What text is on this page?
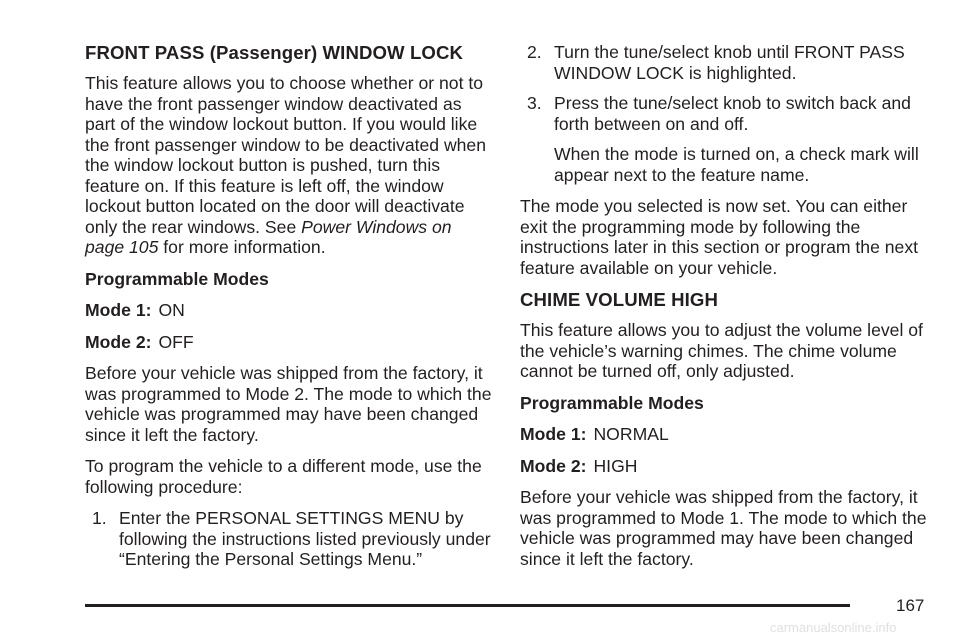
FRONT PASS (Passenger) WINDOW LOCK

This feature allows you to choose whether or not to have the front passenger window deactivated as part of the window lockout button. If you would like the front passenger window to be deactivated when the window lockout button is pushed, turn this feature on. If this feature is left off, the window lockout button located on the door will deactivate only the rear windows. See Power Windows on page 105 for more information.

Programmable Modes

Mode 1: ON
Mode 2: OFF

Before your vehicle was shipped from the factory, it was programmed to Mode 2. The mode to which the vehicle was programmed may have been changed since it left the factory.

To program the vehicle to a different mode, use the following procedure:

1. Enter the PERSONAL SETTINGS MENU by following the instructions listed previously under “Entering the Personal Settings Menu.”
2. Turn the tune/select knob until FRONT PASS WINDOW LOCK is highlighted.
3. Press the tune/select knob to switch back and forth between on and off.

When the mode is turned on, a check mark will appear next to the feature name.

The mode you selected is now set. You can either exit the programming mode by following the instructions later in this section or program the next feature available on your vehicle.

CHIME VOLUME HIGH

This feature allows you to adjust the volume level of the vehicle’s warning chimes. The chime volume cannot be turned off, only adjusted.

Programmable Modes

Mode 1: NORMAL
Mode 2: HIGH

Before your vehicle was shipped from the factory, it was programmed to Mode 1. The mode to which the vehicle was programmed may have been changed since it left the factory.

167
carmanualsonline.info
